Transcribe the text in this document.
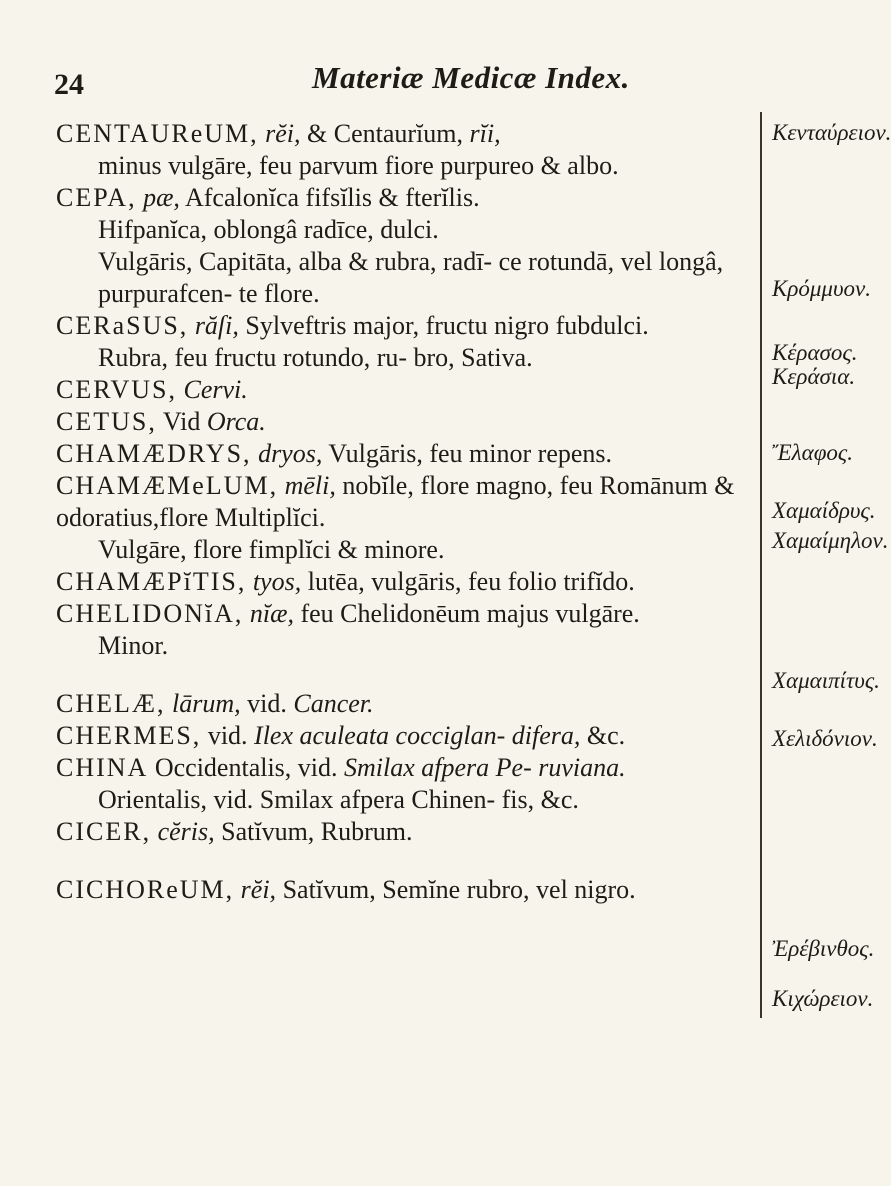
24	Materiæ Medicæ Index.
CENTAUReUM, rĕi, & Centaurĭum, rĭi,
minus vulgāre, feu parvum fiore purpureo & albo.
CEPA, pæ, Afcalonĭca fifsĭlis & fterĭlis.
Hifpanĭca, oblongâ radīce, dulci.
Vulgāris, Capitāta, alba & rubra, radī- ce rotundā, vel longâ, purpurafcen- te flore.
CERaSUS, răſi, Sylveftris major, fructu nigro fubdulci.
Rubra, feu fructu rotundo, ru- bro, Sativa.
CERVUS, Cervi.
CETUS, Vid Orca.
CHAMÆDRYS, dryos, Vulgāris, feu minor repens.
CHAMÆMeLUM, mēli, nobĭle, flore magno, feu Romānum & odoratius,flore Multiplĭci.
Vulgāre, flore fimplĭci & minore.
CHAMÆPĭTIS, tyos, lutēa, vulgāris, feu folio trifĭdo.
CHELIDONĭA, nĭæ, feu Chelidonēum majus vulgāre.
Minor.
CHELÆ, lārum, vid. Cancer.
CHERMES, vid. Ilex aculeata cocciglan- difera, &c.
CHINA Occidentalis, vid. Smilax afpera Pe- ruviana.
Orientalis, vid. Smilax afpera Chinen- fis, &c.
CICER, cĕris, Satĭvum, Rubrum.
CICHOReUM, rĕi, Satĭvum, Semĭne rubro, vel nigro.
Κενταύρειον.
Κρόμμυον.
Κέρασος.
Κεράσια.
Ἔλαφος.
Χαμαίδρυς.
Χαμαίμηλον.
Χαμαιπίτυς.
Χελιδόνιον.
Ἐρέβινθος.
Κιχώρειον.
